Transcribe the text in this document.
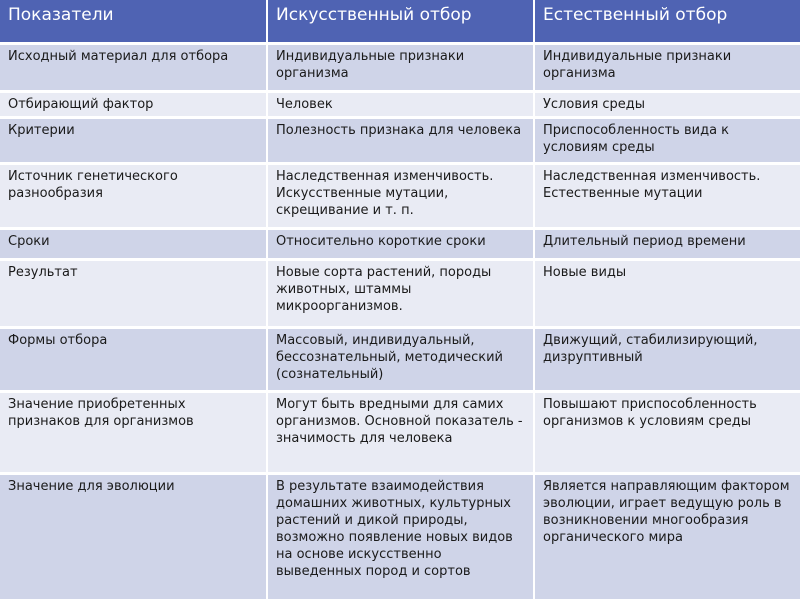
Показатели	Искусственный отбор	Естественный отбор
Исходный материал для отбора	Индивидуальные признаки организма	Индивидуальные признаки организма
Отбирающий фактор	Человек	Условия среды
Критерии	Полезность признака для человека	Приспособленность вида к условиям среды
Источник генетического разнообразия	Наследственная изменчивость. Искусственные мутации, скрещивание и т. п.	Наследственная изменчивость. Естественные мутации
Сроки	Относительно короткие сроки	Длительный период времени
Результат	Новые сорта растений, породы животных, штаммы микроорганизмов.	Новые виды
Формы отбора	Массовый, индивидуальный, бессознательный, методический (сознательный)	Движущий, стабилизирующий, дизруптивный
Значение приобретенных признаков для организмов	Могут быть вредными для самих организмов. Основной показатель - значимость для человека	Повышают приспособленность организмов к условиям среды
Значение для эволюции	В результате взаимодействия домашних животных, культурных растений и дикой природы, возможно появление новых видов на основе искусственно выведенных пород и сортов	Является направляющим фактором эволюции, играет ведущую роль в возникновении многообразия органического мира
